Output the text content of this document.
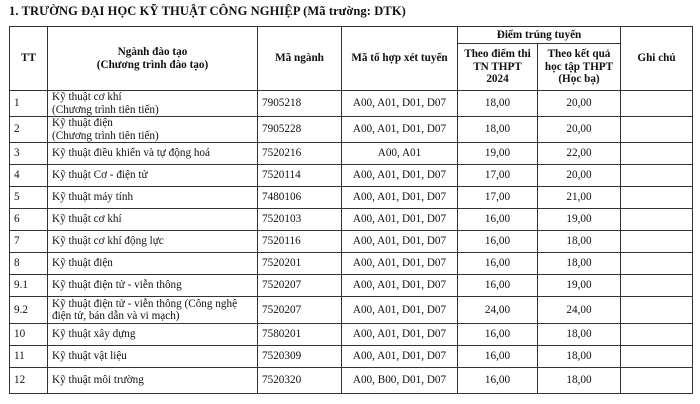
1. TRƯỜNG ĐẠI HỌC KỸ THUẬT CÔNG NGHIỆP (Mã trường: DTK)
TT	Ngành đào tạo
(Chương trình đào tạo)	Mã ngành	Mã tổ hợp xét tuyển	Điểm trúng tuyển		Ghi chú
				Theo điểm thi TN THPT 2024	Theo kết quả học tập THPT (Học bạ)	
1	Kỹ thuật cơ khí
(Chương trình tiên tiến)	7905218	A00, A01, D01, D07	18,00	20,00	
2	Kỹ thuật điện
(Chương trình tiên tiến)	7905228	A00, A01, D01, D07	18,00	20,00	
3	Kỹ thuật điều khiển và tự động hoá	7520216	A00, A01	19,00	22,00	
4	Kỹ thuật Cơ - điện tử	7520114	A00, A01, D01, D07	17,00	20,00	
5	Kỹ thuật máy tính	7480106	A00, A01, D01, D07	17,00	21,00	
6	Kỹ thuật cơ khí	7520103	A00, A01, D01, D07	16,00	19,00	
7	Kỹ thuật cơ khí động lực	7520116	A00, A01, D01, D07	16,00	18,00	
8	Kỹ thuật điện	7520201	A00, A01, D01, D07	16,00	18,00	
9.1	Kỹ thuật điện tử - viễn thông	7520207	A00, A01, D01, D07	16,00	19,00	
9.2	Kỹ thuật điện tử - viễn thông (Công nghệ
điện tử, bán dẫn và vi mạch)	7520207	A00, A01, D01, D07	24,00	24,00	
10	Kỹ thuật xây dựng	7580201	A00, A01, D01, D07	16,00	18,00	
11	Kỹ thuật vật liệu	7520309	A00, A01, D01, D07	16,00	18,00	
12	Kỹ thuật môi trường	7520320	A00, B00, D01, D07	16,00	18,00	
